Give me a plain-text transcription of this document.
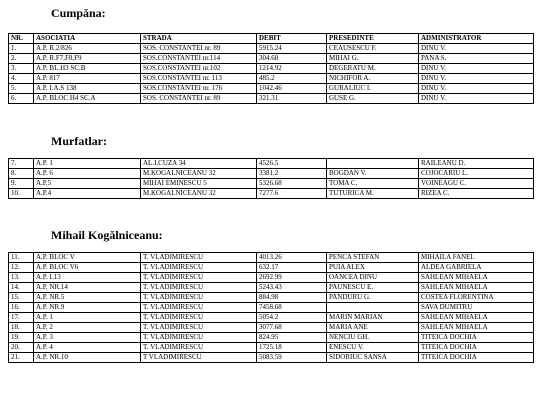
Cumpăna:
NR.	ASOCIATIA	STRADA	DEBIT	PRESEDINTE	ADMINISTRATOR
1.	A.P. R.2/826	SOS. CONSTANTEI nr. 89	5915.24	CEAUSESCU F.	DINU V.
2.	A.P. R.F7,F8,F9	SOS.CONSTANTEI nr.114	304.68	MIHAI G.	PANA S.
3.	A.P. BL.H3 SC.B	SOS.CONSTANTEI nr.102	1214.92	DEGERATU M.	DINU V.
4.	A.P. 817	SOS.CONSTANTEI nr. 113	485.2	NICHIFOR A.	DINU V.
5.	A.P. I.A.S 138	SOS.CONSTANTEI nr. 176	1042.46	GURALIUC I.	DINU V.
6.	A.P. BLOC H4 SC.A	SOS. CONSTANTEI nr. 89	321.31	GUSE G.	DINU V.
Murfatlar:
7.	A.P. 1	AL.I.CUZA 34	4526.5		RAILEANU D.
8.	A.P. 6	M.KOGALNICEANU 32	3381.2	BOGDAN V.	COJOCARIU L.
9.	A.P.5	MIHAI EMINESCU 5	5326.68	TOMA C.	VOINEAGU C.
10.	A.P.4	M.KOGALNICEANU 32	7277.6	TUTURICA M.	RIZEA C.
Mihail Kogălniceanu:
11.	A.P. BLOC V	T. VLADIMIRESCU	4013.26	PENCA STEFAN	MIHAILA FANEL
12.	A.P. BLOC V6	T. VLADIMIRESCU	632.17	PUIA ALEX	ALDEA GABRIELA
13.	A.P. L13	T. VLADIMIRESCU	2692.99	OANCEA DINU	SAHLEAN MIHAELA
14.	A.P. NR.14	T. VLADIMIRESCU	5243.43	PAUNESCU E.	SAHLEAN MIHAELA
15.	A.P. NR.5	T. VLADIMIRESCU	884.98	PANDURU G.	COSTEA FLORENTINA
16.	A.P. NR.9	T. VLADIMIRESCU	7458.68		SAVA DUMITRU
17.	A.P. 1	T. VLADIMIRESCU	5054.2	MARIN MARIAN	SAHLEAN MIHAELA
18.	A.P. 2	T. VLADIMIRESCU	3077.68	MARIA ANE	SAHLEAN MIHAELA
19.	A.P. 3	T. VLADIMIRESCU	824.95	NENCIU GH.	TITEICA DOCHIA
20.	A.P. 4	T. VLADIMIRESCU	1725.18	ENESCU V.	TITEICA DOCHIA
21.	A.P. NR.10	T VLADIMIRESCU	5083.59	SIDORIUC SANSA	TITEICA DOCHIA
